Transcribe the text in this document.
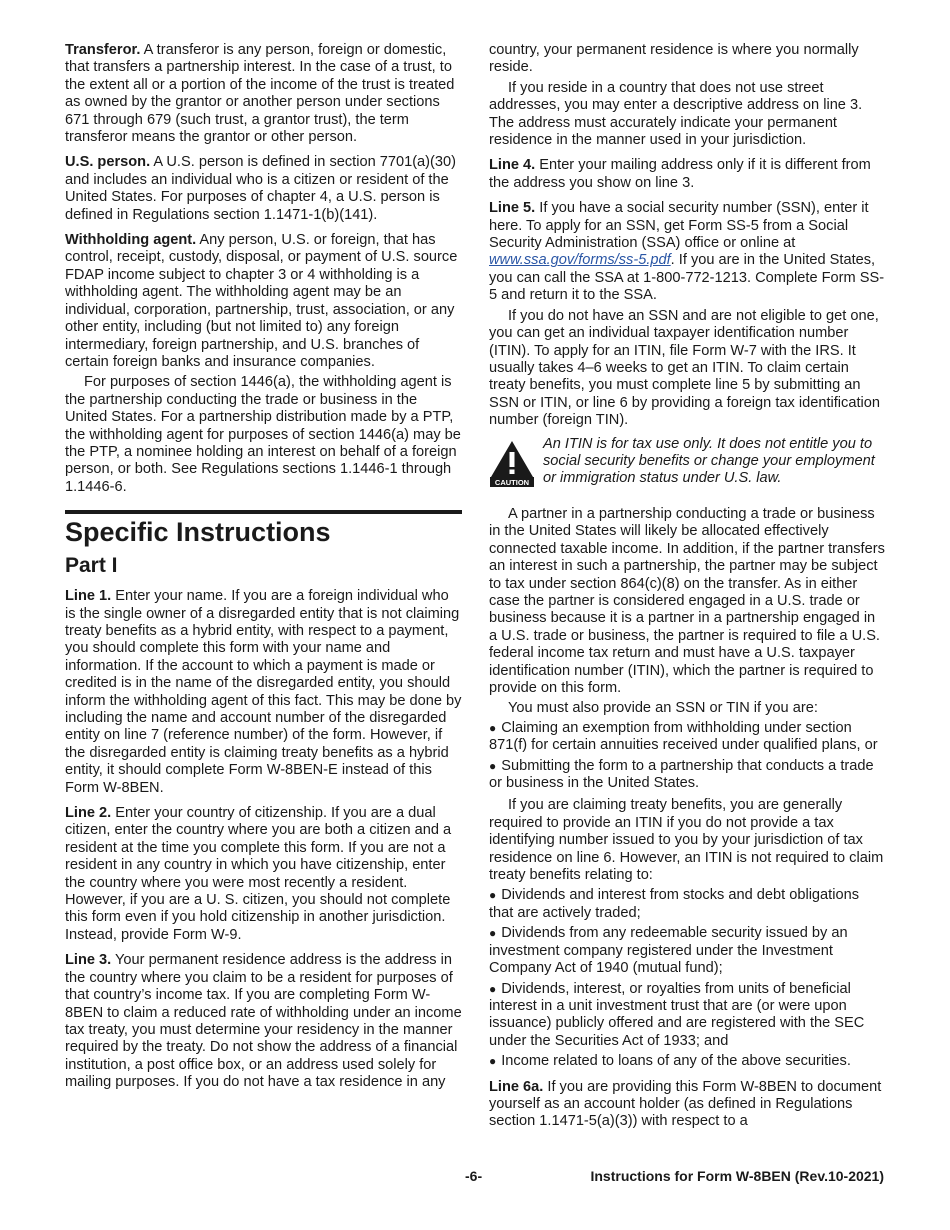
Transferor. A transferor is any person, foreign or domestic, that transfers a partnership interest. In the case of a trust, to the extent all or a portion of the income of the trust is treated as owned by the grantor or another person under sections 671 through 679 (such trust, a grantor trust), the term transferor means the grantor or other person.

U.S. person. A U.S. person is defined in section 7701(a)(30) and includes an individual who is a citizen or resident of the United States. For purposes of chapter 4, a U.S. person is defined in Regulations section 1.1471-1(b)(141).

Withholding agent. Any person, U.S. or foreign, that has control, receipt, custody, disposal, or payment of U.S. source FDAP income subject to chapter 3 or 4 withholding is a withholding agent. The withholding agent may be an individual, corporation, partnership, trust, association, or any other entity, including (but not limited to) any foreign intermediary, foreign partnership, and U.S. branches of certain foreign banks and insurance companies.

For purposes of section 1446(a), the withholding agent is the partnership conducting the trade or business in the United States. For a partnership distribution made by a PTP, the withholding agent for purposes of section 1446(a) may be the PTP, a nominee holding an interest on behalf of a foreign person, or both. See Regulations sections 1.1446-1 through 1.1446-6.

Specific Instructions
Part I

Line 1. Enter your name. If you are a foreign individual who is the single owner of a disregarded entity that is not claiming treaty benefits as a hybrid entity, with respect to a payment, you should complete this form with your name and information. If the account to which a payment is made or credited is in the name of the disregarded entity, you should inform the withholding agent of this fact. This may be done by including the name and account number of the disregarded entity on line 7 (reference number) of the form. However, if the disregarded entity is claiming treaty benefits as a hybrid entity, it should complete Form W-8BEN-E instead of this Form W-8BEN.

Line 2. Enter your country of citizenship. If you are a dual citizen, enter the country where you are both a citizen and a resident at the time you complete this form. If you are not a resident in any country in which you have citizenship, enter the country where you were most recently a resident. However, if you are a U. S. citizen, you should not complete this form even if you hold citizenship in another jurisdiction. Instead, provide Form W-9.

Line 3. Your permanent residence address is the address in the country where you claim to be a resident for purposes of that country’s income tax. If you are completing Form W-8BEN to claim a reduced rate of withholding under an income tax treaty, you must determine your residency in the manner required by the treaty. Do not show the address of a financial institution, a post office box, or an address used solely for mailing purposes. If you do not have a tax residence in any

country, your permanent residence is where you normally reside.

If you reside in a country that does not use street addresses, you may enter a descriptive address on line 3. The address must accurately indicate your permanent residence in the manner used in your jurisdiction.

Line 4. Enter your mailing address only if it is different from the address you show on line 3.

Line 5. If you have a social security number (SSN), enter it here. To apply for an SSN, get Form SS-5 from a Social Security Administration (SSA) office or online at www.ssa.gov/forms/ss-5.pdf. If you are in the United States, you can call the SSA at 1-800-772-1213. Complete Form SS-5 and return it to the SSA.

If you do not have an SSN and are not eligible to get one, you can get an individual taxpayer identification number (ITIN). To apply for an ITIN, file Form W-7 with the IRS. It usually takes 4–6 weeks to get an ITIN. To claim certain treaty benefits, you must complete line 5 by submitting an SSN or ITIN, or line 6 by providing a foreign tax identification number (foreign TIN).

CAUTION
An ITIN is for tax use only. It does not entitle you to social security benefits or change your employment or immigration status under U.S. law.

A partner in a partnership conducting a trade or business in the United States will likely be allocated effectively connected taxable income. In addition, if the partner transfers an interest in such a partnership, the partner may be subject to tax under section 864(c)(8) on the transfer. As in either case the partner is considered engaged in a U.S. trade or business because it is a partner in a partnership engaged in a U.S. trade or business, the partner is required to file a U.S. federal income tax return and must have a U.S. taxpayer identification number (ITIN), which the partner is required to provide on this form.

You must also provide an SSN or TIN if you are:

● Claiming an exemption from withholding under section 871(f) for certain annuities received under qualified plans, or
● Submitting the form to a partnership that conducts a trade or business in the United States.

If you are claiming treaty benefits, you are generally required to provide an ITIN if you do not provide a tax identifying number issued to you by your jurisdiction of tax residence on line 6. However, an ITIN is not required to claim treaty benefits relating to:

● Dividends and interest from stocks and debt obligations that are actively traded;
● Dividends from any redeemable security issued by an investment company registered under the Investment Company Act of 1940 (mutual fund);
● Dividends, interest, or royalties from units of beneficial interest in a unit investment trust that are (or were upon issuance) publicly offered and are registered with the SEC under the Securities Act of 1933; and
● Income related to loans of any of the above securities.

Line 6a. If you are providing this Form W-8BEN to document yourself as an account holder (as defined in Regulations section 1.1471-5(a)(3)) with respect to a

-6-	Instructions for Form W-8BEN (Rev.10-2021)
